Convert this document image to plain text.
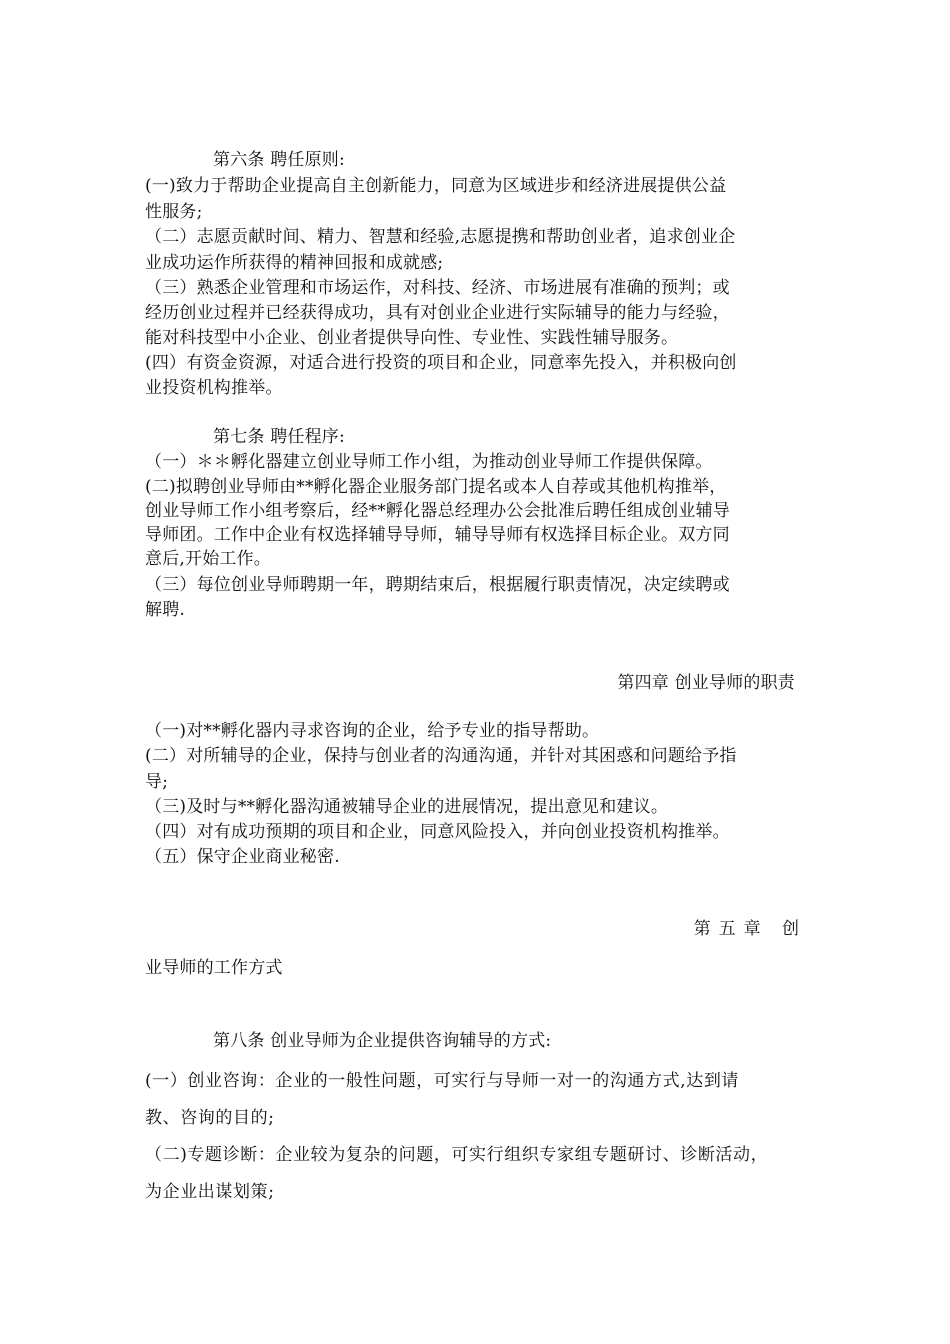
第六条 聘任原则:
(一)致力于帮助企业提高自主创新能力，同意为区域进步和经济进展提供公益
性服务;
（二）志愿贡献时间、精力、智慧和经验,志愿提携和帮助创业者，追求创业企
业成功运作所获得的精神回报和成就感;
（三）熟悉企业管理和市场运作，对科技、经济、市场进展有准确的预判；或
经历创业过程并已经获得成功，具有对创业企业进行实际辅导的能力与经验，
能对科技型中小企业、创业者提供导向性、专业性、实践性辅导服务。
(四）有资金资源，对适合进行投资的项目和企业，同意率先投入，并积极向创
业投资机构推举。
第七条 聘任程序:
（一）＊＊孵化器建立创业导师工作小组，为推动创业导师工作提供保障。
(二)拟聘创业导师由**孵化器企业服务部门提名或本人自荐或其他机构推举，
创业导师工作小组考察后，经**孵化器总经理办公会批准后聘任组成创业辅导
导师团。工作中企业有权选择辅导导师，辅导导师有权选择目标企业。双方同
意后,开始工作。
（三）每位创业导师聘期一年，聘期结束后，根据履行职责情况，决定续聘或
解聘.
第四章 创业导师的职责
（一)对**孵化器内寻求咨询的企业，给予专业的指导帮助。
(二）对所辅导的企业，保持与创业者的沟通沟通，并针对其困惑和问题给予指
导;
（三)及时与**孵化器沟通被辅导企业的进展情况，提出意见和建议。
（四）对有成功预期的项目和企业，同意风险投入，并向创业投资机构推举。
（五）保守企业商业秘密.
第五章 创
业导师的工作方式
第八条 创业导师为企业提供咨询辅导的方式:
(一）创业咨询：企业的一般性问题，可实行与导师一对一的沟通方式,达到请
教、咨询的目的;
（二)专题诊断：企业较为复杂的问题，可实行组织专家组专题研讨、诊断活动，
为企业出谋划策;
